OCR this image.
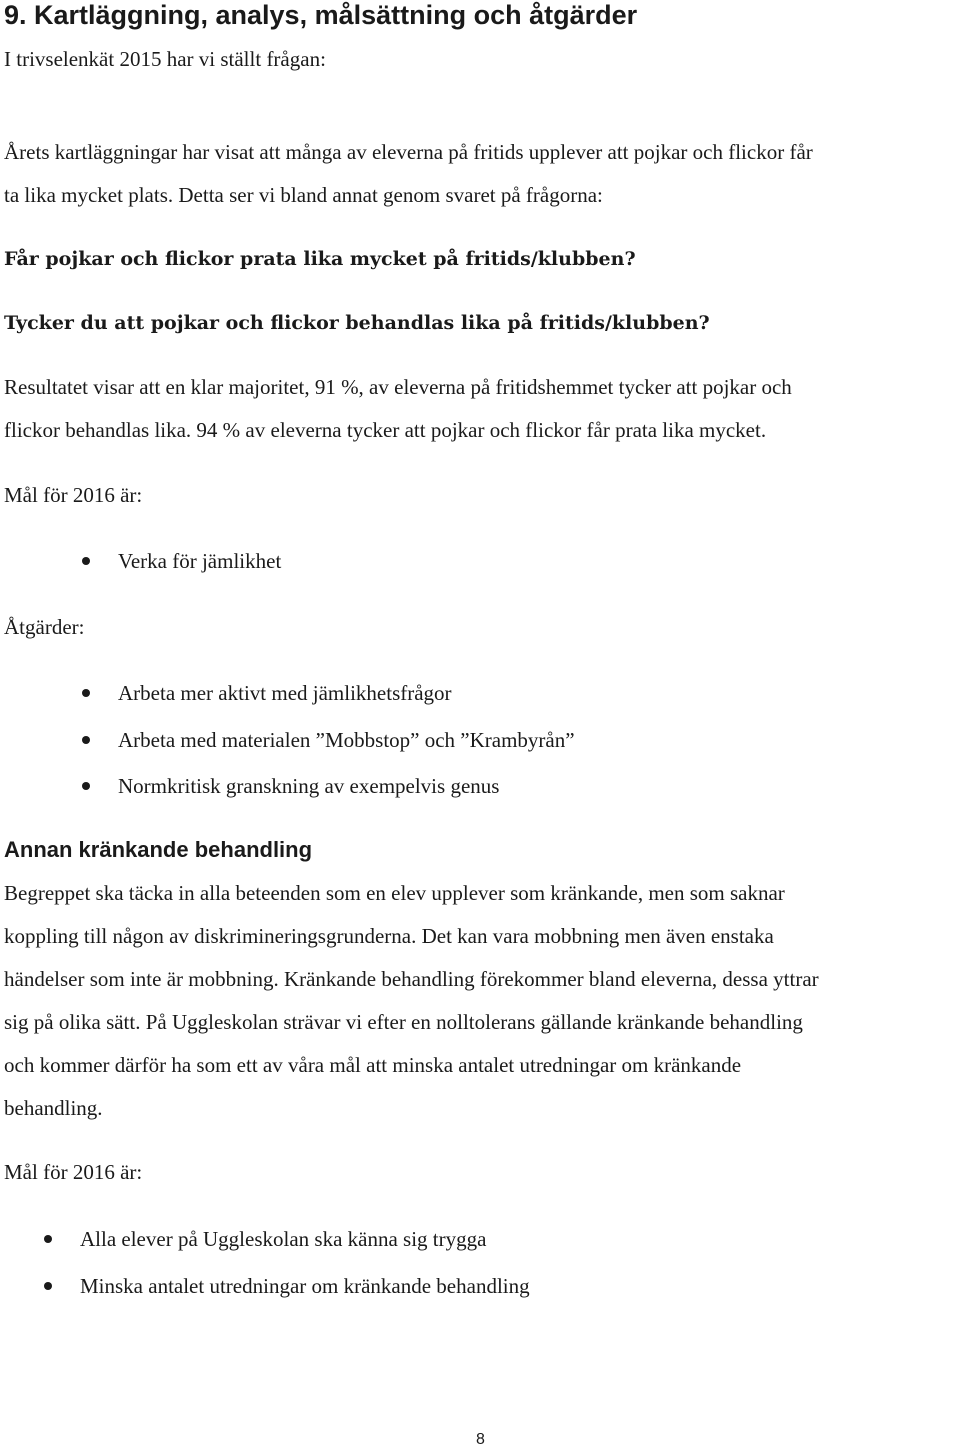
9. Kartläggning, analys, målsättning och åtgärder

I trivselenkät 2015 har vi ställt frågan:

Årets kartläggningar har visat att många av eleverna på fritids upplever att pojkar och flickor får

ta lika mycket plats. Detta ser vi bland annat genom svaret på frågorna:

Får pojkar och flickor prata lika mycket på fritids/klubben?

Tycker du att pojkar och flickor behandlas lika på fritids/klubben?

Resultatet visar att en klar majoritet, 91 %, av eleverna på fritidshemmet tycker att pojkar och

flickor behandlas lika. 94 % av eleverna tycker att pojkar och flickor får prata lika mycket.

Mål för 2016 är:

Verka för jämlikhet

Åtgärder:

Arbeta mer aktivt med jämlikhetsfrågor

Arbeta med materialen ”Mobbstop” och ”Krambyrån”

Normkritisk granskning av exempelvis genus

Annan kränkande behandling

Begreppet ska täcka in alla beteenden som en elev upplever som kränkande, men som saknar

koppling till någon av diskrimineringsgrunderna. Det kan vara mobbning men även enstaka

händelser som inte är mobbning. Kränkande behandling förekommer bland eleverna, dessa yttrar

sig på olika sätt. På Uggleskolan strävar vi efter en nolltolerans gällande kränkande behandling

och kommer därför ha som ett av våra mål att minska antalet utredningar om kränkande

behandling.

Mål för 2016 är:

Alla elever på Uggleskolan ska känna sig trygga

Minska antalet utredningar om kränkande behandling

8
